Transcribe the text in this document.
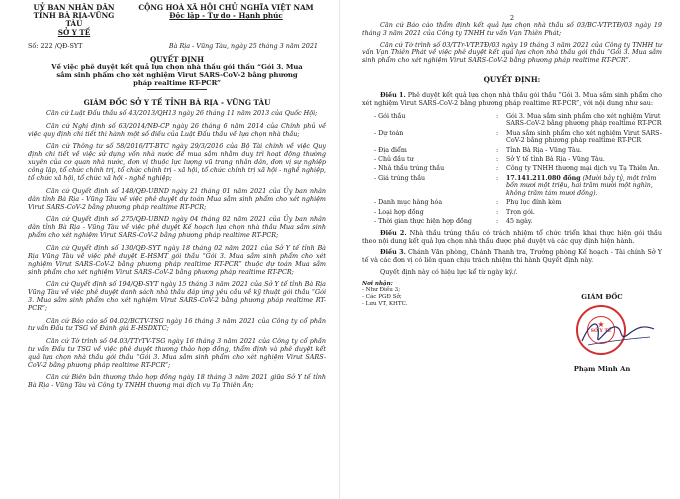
UỶ BAN NHÂN DÂN
TỈNH BÀ RỊA-VŨNG TÀU
SỞ Y TẾ
CỘNG HOÀ XÃ HỘI CHỦ NGHĨA VIỆT NAM
Độc lập - Tự do - Hạnh phúc
Số: 222 /QĐ-SYT	Bà Rịa - Vũng Tàu, ngày 25 tháng 3 năm 2021
QUYẾT ĐỊNH
Về việc phê duyệt kết quả lựa chọn nhà thầu gói thầu “Gói 3. Mua sắm sinh phẩm cho xét nghiệm Virut SARS-CoV-2 bằng phương pháp realtime RT-PCR”
GIÁM ĐỐC SỞ Y TẾ TỈNH BÀ RỊA - VŨNG TÀU

Căn cứ Luật Đấu thầu số 43/2013/QH13 ngày 26 tháng 11 năm 2013 của Quốc Hội;

Căn cứ Nghị định số 63/2014/NĐ-CP ngày 26 tháng 6 năm 2014 của Chính phủ về việc quy định chi tiết thi hành một số điều của Luật Đấu thầu về lựa chọn nhà thầu;

Căn cứ Thông tư số 58/2016/TT-BTC ngày 29/3/2016 của Bộ Tài chính về việc Quy định chi tiết về việc sử dụng vốn nhà nước để mua sắm nhằm duy trì hoạt động thường xuyên của cơ quan nhà nước, đơn vị thuộc lực lượng vũ trang nhân dân, đơn vị sự nghiệp công lập, tổ chức chính trị, tổ chức chính trị - xã hội, tổ chức chính trị xã hội - nghề nghiệp, tổ chức xã hội, tổ chức xã hội - nghề nghiệp;

Căn cứ Quyết định số 148/QĐ-UBND ngày 21 tháng 01 năm 2021 của Ủy ban nhân dân tỉnh Bà Rịa - Vũng Tàu về việc phê duyệt dự toán Mua sắm sinh phẩm cho xét nghiệm Virut SARS-CoV-2 bằng phương pháp realtime RT-PCR;

Căn cứ Quyết định số 275/QĐ-UBND ngày 04 tháng 02 năm 2021 của Ủy ban nhân dân tỉnh Bà Rịa - Vũng Tàu về việc phê duyệt Kế hoạch lựa chọn nhà thầu Mua sắm sinh phẩm cho xét nghiệm Virut SARS-CoV-2 bằng phương pháp realtime RT-PCR;

Căn cứ Quyết định số 130/QĐ-SYT ngày 18 tháng 02 năm 2021 của Sở Y tế tỉnh Bà Rịa Vũng Tàu về việc phê duyệt E-HSMT gói thầu “Gói 3. Mua sắm sinh phẩm cho xét nghiệm Virut SARS-CoV-2 bằng phương pháp realtime RT-PCR” thuộc dự toán Mua sắm sinh phẩm cho xét nghiệm Virut SARS-CoV-2 bằng phương pháp realtime RT-PCR;

Căn cứ Quyết định số 194/QĐ-SYT ngày 15 tháng 3 năm 2021 của Sở Y tế tỉnh Bà Rịa Vũng Tàu về việc phê duyệt danh sách nhà thầu đáp ứng yêu cầu về kỹ thuật gói thầu “Gói 3. Mua sắm sinh phẩm cho xét nghiệm Virut SARS-CoV-2 bằng phương pháp realtime RT-PCR”;

Căn cứ Báo cáo số 04.02/BCTV-TSG ngày 16 tháng 3 năm 2021 của Công ty cổ phần tư vấn Đấu tư TSG về Đánh giá E-HSDXTC;

Căn cứ Tờ trình số 04.03/TTrTV-TSG ngày 16 tháng 3 năm 2021 của Công ty cổ phần tư vấn Đấu tư TSG về việc phê duyệt thương thảo hợp đồng, thẩm định và phê duyệt kết quả lựa chọn nhà thầu gói thầu “Gói 3. Mua sắm sinh phẩm cho xét nghiệm Virut SARS-CoV-2 bằng phương pháp realtime RT-PCR”;

Căn cứ Biên bản thương thảo hợp đồng ngày 18 tháng 3 năm 2021 giữa Sở Y tế tỉnh Bà Rịa - Vũng Tàu và Công ty TNHH thương mại dịch vụ Tạ Thiên Ân;

2

Căn cứ Báo cáo thẩm định kết quả lựa chọn nhà thầu số 03/BC-VTP.TĐ/03 ngày 19 tháng 3 năm 2021 của Công ty TNHH tư vấn Vạn Thiên Phát;

Căn cứ Tờ trình số 03/TTr-VTP.TĐ/03 ngày 19 tháng 3 năm 2021 của Công ty TNHH tư vấn Vạn Thiên Phát về việc phê duyệt kết quả lựa chọn nhà thầu gói thầu “Gói 3. Mua sắm sinh phẩm cho xét nghiệm Virut SARS-CoV-2 bằng phương pháp realtime RT-PCR”.

QUYẾT ĐỊNH:

Điều 1. Phê duyệt kết quả lựa chọn nhà thầu gói thầu “Gói 3. Mua sắm sinh phẩm cho xét nghiệm Virut SARS-CoV-2 bằng phương pháp realtime RT-PCR”, với nội dung như sau:

- Gói thầu	:	Gói 3. Mua sắm sinh phẩm cho xét nghiệm Virut SARS-CoV-2 bằng phương pháp realtime RT-PCR
- Dự toán	:	Mua sắm sinh phẩm cho xét nghiệm Virut SARS-CoV-2 bằng phương pháp realtime RT-PCR
- Địa điểm	:	Tỉnh Bà Rịa - Vũng Tàu.
- Chủ đầu tư	:	Sở Y tế tỉnh Bà Rịa - Vũng Tàu.
- Nhà thầu trúng thầu	:	Công ty TNHH thương mại dịch vụ Tạ Thiên Ân.
- Giá trúng thầu	:	17.141.211.080 đồng (Mười bảy tỷ, một trăm bốn mươi một triệu, hai trăm mười một nghìn, không trăm tám mươi đồng).
- Danh mục hàng hóa	:	Phụ lục đính kèm
- Loại hợp đồng	:	Trọn gói.
- Thời gian thực hiện hợp đồng	:	45 ngày.

Điều 2. Nhà thầu trúng thầu có trách nhiệm tổ chức triển khai thực hiện gói thầu theo nội dung kết quả lựa chọn nhà thầu được phê duyệt và các quy định hiện hành.

Điều 3. Chánh Văn phòng, Chánh Thanh tra, Trưởng phòng Kế hoạch - Tài chính Sở Y tế và các đơn vị có liên quan chịu trách nhiệm thi hành Quyết định này.

Quyết định này có hiệu lực kể từ ngày ký./.

Nơi nhận:
- Như Điều 3;
- Các PGĐ Sở;
- Lưu VT, KHTC.
GIÁM ĐỐC
★
SỞ Y TẾ
Phạm Minh An
